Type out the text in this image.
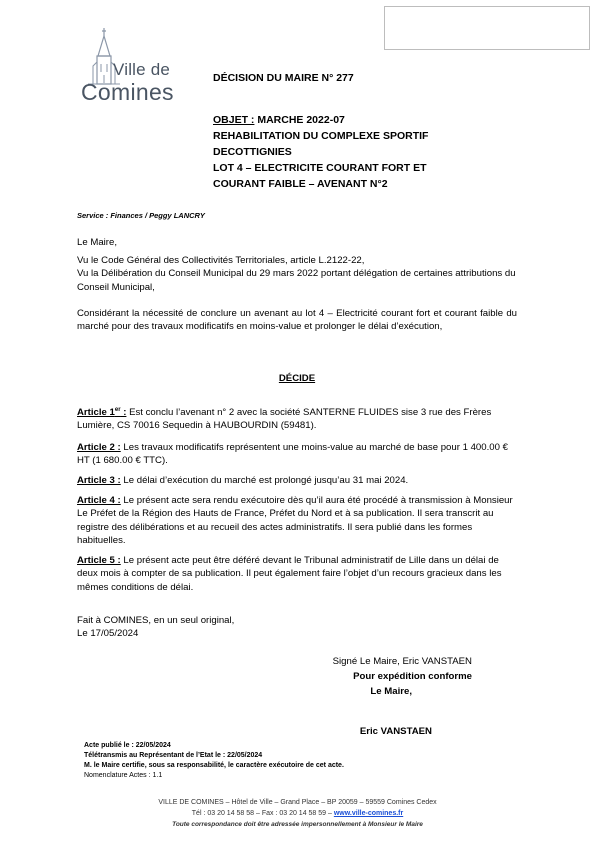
Ville de
Comines
DÉCISION DU MAIRE N° 277
OBJET : MARCHE 2022-07
REHABILITATION DU COMPLEXE SPORTIF
DECOTTIGNIES
LOT 4 – ELECTRICITE COURANT FORT ET
COURANT FAIBLE – AVENANT N°2
Service : Finances / Peggy LANCRY

Le Maire,

Vu le Code Général des Collectivités Territoriales, article L.2122-22,

Vu la Délibération du Conseil Municipal du 29 mars 2022 portant délégation de certaines attributions du Conseil Municipal,

Considérant la nécessité de conclure un avenant au lot 4 – Electricité courant fort et courant faible du marché pour des travaux modificatifs en moins-value et prolonger le délai d’exécution,

DÉCIDE

Article 1er : Est conclu l’avenant n° 2 avec la société SANTERNE FLUIDES sise 3 rue des Frères Lumière, CS 70016 Sequedin à HAUBOURDIN (59481).

Article 2 : Les travaux modificatifs représentent une moins-value au marché de base pour 1 400.00 € HT (1 680.00 € TTC).

Article 3 : Le délai d’exécution du marché est prolongé jusqu’au 31 mai 2024.

Article 4 : Le présent acte sera rendu exécutoire dès qu’il aura été procédé à transmission à Monsieur Le Préfet de la Région des Hauts de France, Préfet du Nord et à sa publication. Il sera transcrit au registre des délibérations et au recueil des actes administratifs. Il sera publié dans les formes habituelles.

Article 5 : Le présent acte peut être déféré devant le Tribunal administratif de Lille dans un délai de deux mois à compter de sa publication. Il peut également faire l’objet d’un recours gracieux dans les mêmes conditions de délai.

Fait à COMINES, en un seul original,

Le 17/05/2024

Signé Le Maire, Eric VANSTAEN
Pour expédition conforme
Le Maire,
Eric VANSTAEN
Acte publié le : 22/05/2024
Télétransmis au Représentant de l’Etat le : 22/05/2024
M. le Maire certifie, sous sa responsabilité, le caractère exécutoire de cet acte.
Nomenclature Actes : 1.1
VILLE DE COMINES – Hôtel de Ville – Grand Place – BP 20059 – 59559 Comines Cedex
Tél : 03 20 14 58 58 – Fax : 03 20 14 58 59 – www.ville-comines.fr
Toute correspondance doit être adressée impersonnellement à Monsieur le Maire
